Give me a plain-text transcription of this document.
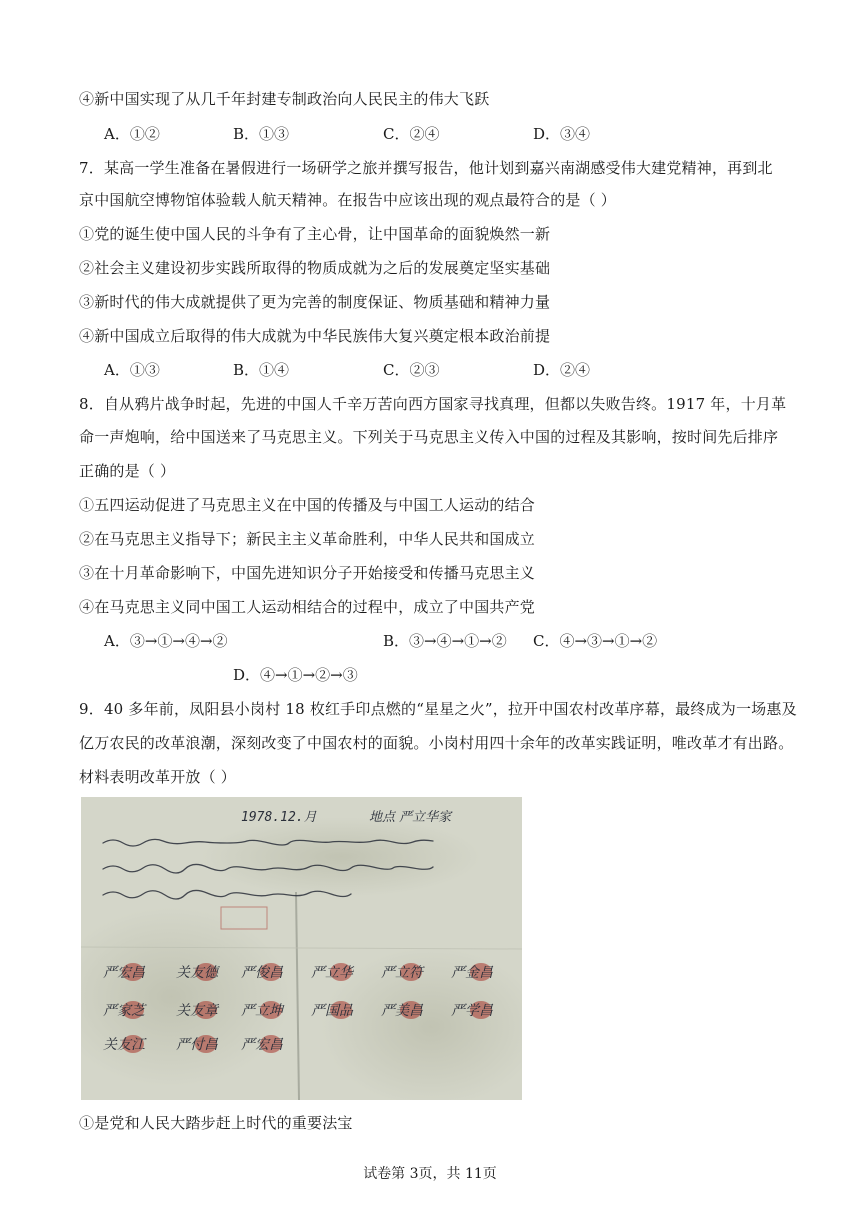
④新中国实现了从几千年封建专制政治向人民民主的伟大飞跃
A．①②	B．①③	C．②④	D．③④
7．某高一学生准备在暑假进行一场研学之旅并撰写报告，他计划到嘉兴南湖感受伟大建党精神，再到北
京中国航空博物馆体验载人航天精神。在报告中应该出现的观点最符合的是（ ）
①党的诞生使中国人民的斗争有了主心骨，让中国革命的面貌焕然一新
②社会主义建设初步实践所取得的物质成就为之后的发展奠定坚实基础
③新时代的伟大成就提供了更为完善的制度保证、物质基础和精神力量
④新中国成立后取得的伟大成就为中华民族伟大复兴奠定根本政治前提
A．①③	B．①④	C．②③	D．②④
8．自从鸦片战争时起，先进的中国人千辛万苦向西方国家寻找真理，但都以失败告终。1917 年，十月革
命一声炮响，给中国送来了马克思主义。下列关于马克思主义传入中国的过程及其影响，按时间先后排序
正确的是（ ）
①五四运动促进了马克思主义在中国的传播及与中国工人运动的结合
②在马克思主义指导下；新民主主义革命胜利，中华人民共和国成立
③在十月革命影响下，中国先进知识分子开始接受和传播马克思主义
④在马克思主义同中国工人运动相结合的过程中，成立了中国共产党
A．③→①→④→②	B．③→④→①→② C．④→③→①→②
D．④→①→②→③
9．40 多年前，凤阳县小岗村 18 枚红手印点燃的“星星之火”，拉开中国农村改革序幕，最终成为一场惠及
亿万农民的改革浪潮，深刻改变了中国农村的面貌。小岗村用四十余年的改革实践证明，唯改革才有出路。
材料表明改革开放（ ）
1978.12.月	地点 严立华家
严宏昌 关友德 严俊昌 严立华 严立符 严金昌
严家芝 关友章 严立坤 严国品 严美昌 严学昌
关友江 严付昌 严宏昌
①是党和人民大踏步赶上时代的重要法宝
试卷第 3页，共 11页
